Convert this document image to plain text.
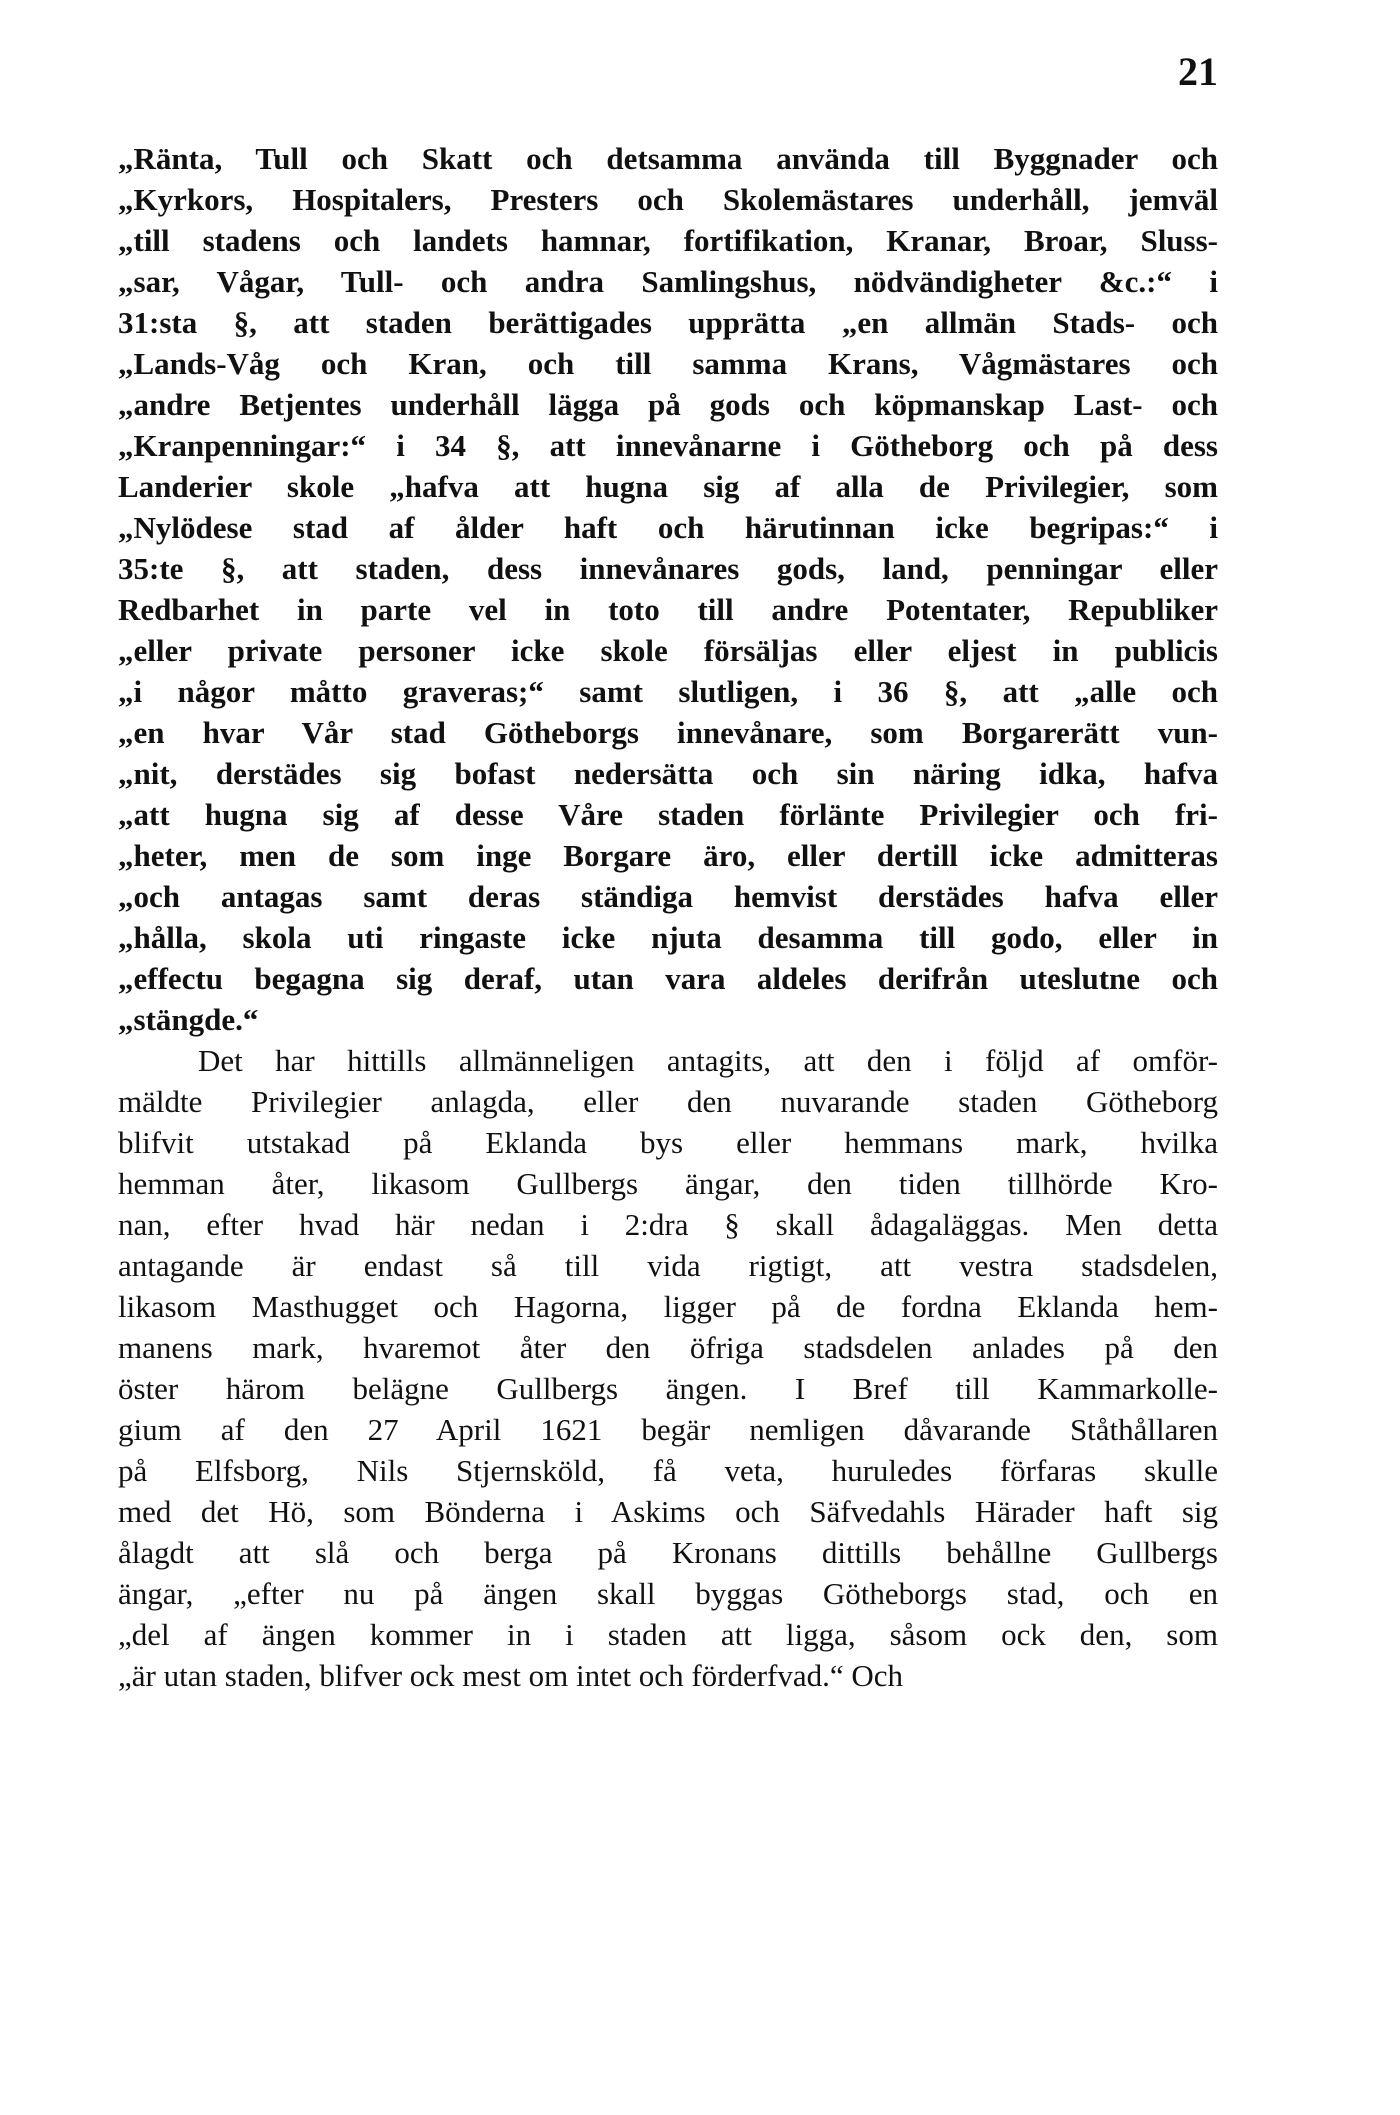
21
„Ränta, Tull och Skatt och detsamma använda till Byggnader och
„Kyrkors, Hospitalers, Presters och Skolemästares underhåll, jemväl
„till stadens och landets hamnar, fortifikation, Kranar, Broar, Sluss-
„sar, Vågar, Tull- och andra Samlingshus, nödvändigheter &c.:“ i
31:sta §, att staden berättigades upprätta „en allmän Stads- och
„Lands-Våg och Kran, och till samma Krans, Vågmästares och
„andre Betjentes underhåll lägga på gods och köpmanskap Last- och
„Kranpenningar:“ i 34 §, att innevånarne i Götheborg och på dess
Landerier skole „hafva att hugna sig af alla de Privilegier, som
„Nylödese stad af ålder haft och härutinnan icke begripas:“ i
35:te §, att staden, dess innevånares gods, land, penningar eller
Redbarhet in parte vel in toto till andre Potentater, Republiker
„eller private personer icke skole försäljas eller eljest in publicis
„i någor måtto graveras;“ samt slutligen, i 36 §, att „alle och
„en hvar Vår stad Götheborgs innevånare, som Borgarerätt vun-
„nit, derstädes sig bofast nedersätta och sin näring idka, hafva
„att hugna sig af desse Våre staden förlänte Privilegier och fri-
„heter, men de som inge Borgare äro, eller dertill icke admitteras
„och antagas samt deras ständiga hemvist derstädes hafva eller
„hålla, skola uti ringaste icke njuta desamma till godo, eller in
„effectu begagna sig deraf, utan vara aldeles derifrån uteslutne och
„stängde.“
Det har hittills allmänneligen antagits, att den i följd af omför-
mäldte Privilegier anlagda, eller den nuvarande staden Götheborg
blifvit utstakad på Eklanda bys eller hemmans mark, hvilka
hemman åter, likasom Gullbergs ängar, den tiden tillhörde Kro-
nan, efter hvad här nedan i 2:dra § skall ådagaläggas. Men detta
antagande är endast så till vida rigtigt, att vestra stadsdelen,
likasom Masthugget och Hagorna, ligger på de fordna Eklanda hem-
manens mark, hvaremot åter den öfriga stadsdelen anlades på den
öster härom belägne Gullbergs ängen. I Bref till Kammarkolle-
gium af den 27 April 1621 begär nemligen dåvarande Ståthållaren
på Elfsborg, Nils Stjernsköld, få veta, huruledes förfaras skulle
med det Hö, som Bönderna i Askims och Säfvedahls Härader haft sig
ålagdt att slå och berga på Kronans dittills behållne Gullbergs
ängar, „efter nu på ängen skall byggas Götheborgs stad, och en
„del af ängen kommer in i staden att ligga, såsom ock den, som
„är utan staden, blifver ock mest om intet och förderfvad.“ Och
